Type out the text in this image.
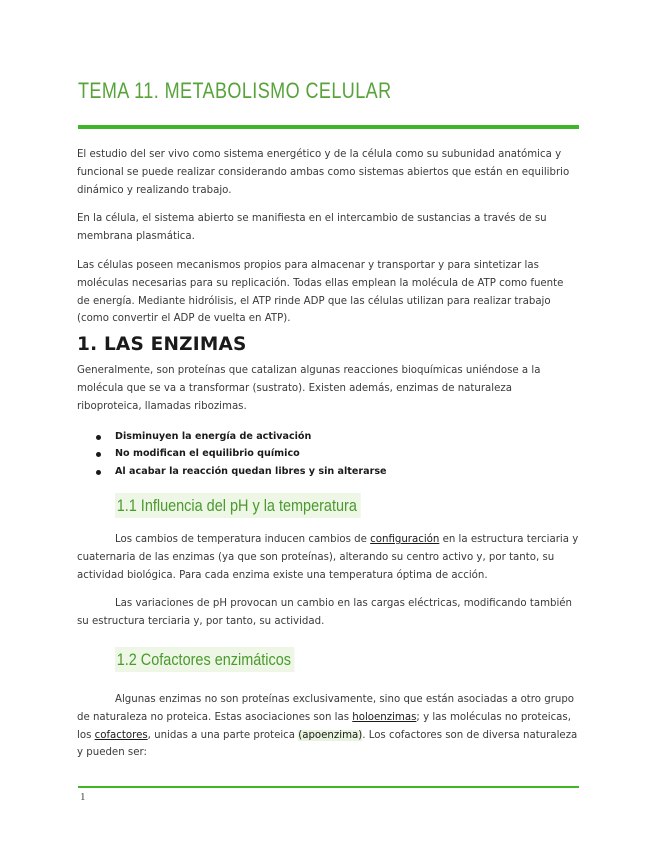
TEMA 11. METABOLISMO CELULAR

El estudio del ser vivo como sistema energético y de la célula como su subunidad anatómica y funcional se puede realizar considerando ambas como sistemas abiertos que están en equilibrio dinámico y realizando trabajo.

En la célula, el sistema abierto se manifiesta en el intercambio de sustancias a través de su membrana plasmática.

Las células poseen mecanismos propios para almacenar y transportar y para sintetizar las moléculas necesarias para su replicación. Todas ellas emplean la molécula de ATP como fuente de energía. Mediante hidrólisis, el ATP rinde ADP que las células utilizan para realizar trabajo (como convertir el ADP de vuelta en ATP).

1. LAS ENZIMAS

Generalmente, son proteínas que catalizan algunas reacciones bioquímicas uniéndose a la molécula que se va a transformar (sustrato). Existen además, enzimas de naturaleza riboproteica, llamadas ribozimas.

Disminuyen la energía de activación
No modifican el equilibrio químico
Al acabar la reacción quedan libres y sin alterarse
1.1 Influencia del pH y la temperatura

Los cambios de temperatura inducen cambios de configuración en la estructura terciaria y cuaternaria de las enzimas (ya que son proteínas), alterando su centro activo y, por tanto, su actividad biológica. Para cada enzima existe una temperatura óptima de acción.

Las variaciones de pH provocan un cambio en las cargas eléctricas, modificando también su estructura terciaria y, por tanto, su actividad.

1.2 Cofactores enzimáticos

Algunas enzimas no son proteínas exclusivamente, sino que están asociadas a otro grupo de naturaleza no proteica. Estas asociaciones son las holoenzimas; y las moléculas no proteicas, los cofactores, unidas a una parte proteica (apoenzima). Los cofactores son de diversa naturaleza y pueden ser:

1
